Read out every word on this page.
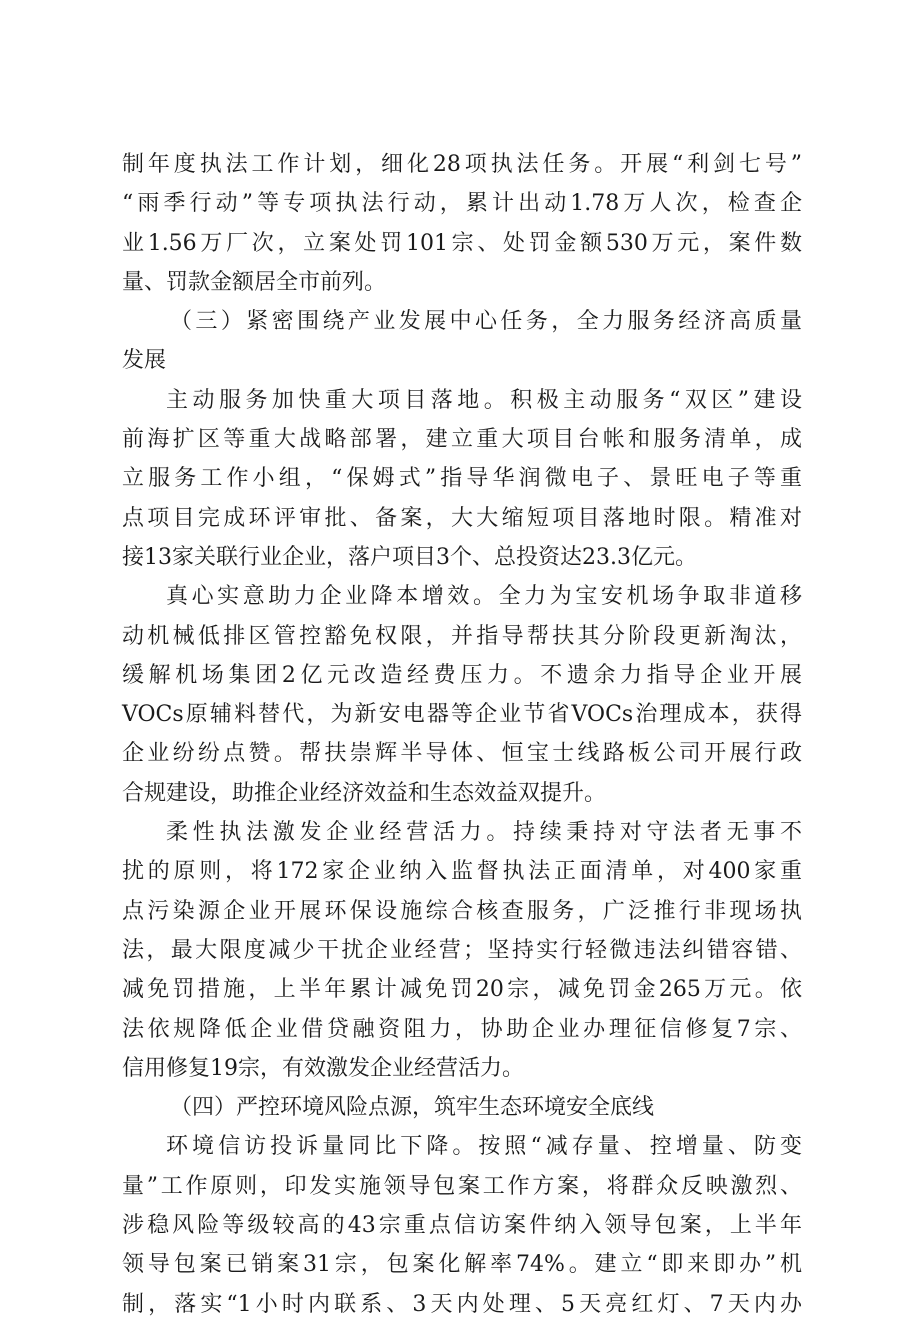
制年度执法工作计划，细化28项执法任务。开展“利剑七号”
“雨季行动”等专项执法行动，累计出动1.78万人次，检查企
业1.56万厂次，立案处罚101宗、处罚金额530万元，案件数
量、罚款金额居全市前列。
（三）紧密围绕产业发展中心任务，全力服务经济高质量
发展
主动服务加快重大项目落地。积极主动服务“双区”建设
前海扩区等重大战略部署，建立重大项目台帐和服务清单，成
立服务工作小组，“保姆式”指导华润微电子、景旺电子等重
点项目完成环评审批、备案，大大缩短项目落地时限。精准对
接13家关联行业企业，落户项目3个、总投资达23.3亿元。
真心实意助力企业降本增效。全力为宝安机场争取非道移
动机械低排区管控豁免权限，并指导帮扶其分阶段更新淘汰，
缓解机场集团2亿元改造经费压力。不遗余力指导企业开展
VOCs原辅料替代，为新安电器等企业节省VOCs治理成本，获得
企业纷纷点赞。帮扶崇辉半导体、恒宝士线路板公司开展行政
合规建设，助推企业经济效益和生态效益双提升。
柔性执法激发企业经营活力。持续秉持对守法者无事不
扰的原则，将172家企业纳入监督执法正面清单，对400家重
点污染源企业开展环保设施综合核查服务，广泛推行非现场执
法，最大限度减少干扰企业经营；坚持实行轻微违法纠错容错、
减免罚措施，上半年累计减免罚20宗，减免罚金265万元。依
法依规降低企业借贷融资阻力，协助企业办理征信修复7宗、
信用修复19宗，有效激发企业经营活力。
（四）严控环境风险点源，筑牢生态环境安全底线
环境信访投诉量同比下降。按照“减存量、控增量、防变
量”工作原则，印发实施领导包案工作方案，将群众反映激烈、
涉稳风险等级较高的43宗重点信访案件纳入领导包案，上半年
领导包案已销案31宗，包案化解率74%。建立“即来即办”机
制，落实“1小时内联系、3天内处理、5天亮红灯、7天内办
